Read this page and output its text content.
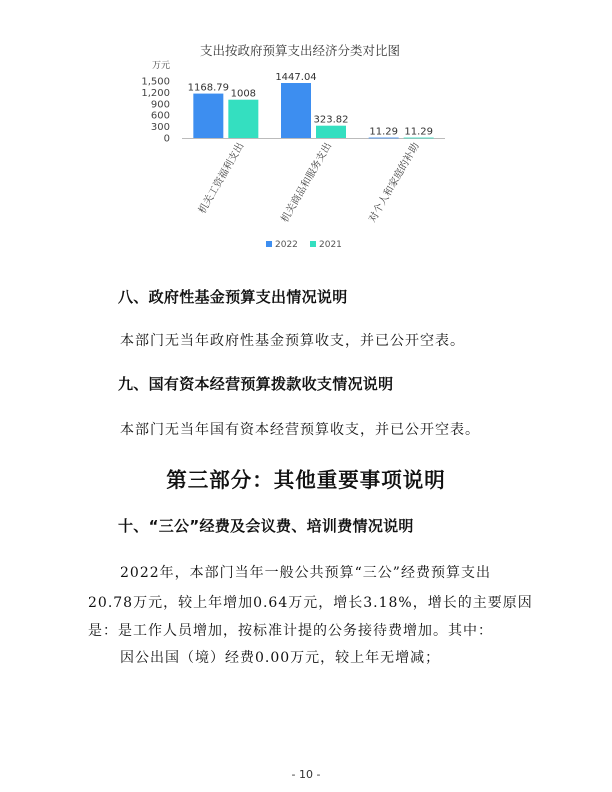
支出按政府预算支出经济分类对比图
万元
1,500
1,200
900
600
300
0
1168.79
1008
机关工资福利支出
1447.04
323.82
机关商品和服务支出
11.29 11.29
对个人和家庭的补助
2022 2021
八、政府性基金预算支出情况说明
本部门无当年政府性基金预算收支，并已公开空表。
九、国有资本经营预算拨款收支情况说明
本部门无当年国有资本经营预算收支，并已公开空表。
第三部分：其他重要事项说明
十、“三公”经费及会议费、培训费情况说明
2022年，本部门当年一般公共预算“三公”经费预算支出
20.78万元，较上年增加0.64万元，增长3.18%，增长的主要原因
是：是工作人员增加，按标准计提的公务接待费增加。其中：
因公出国（境）经费0.00万元，较上年无增减；
- 10 -
